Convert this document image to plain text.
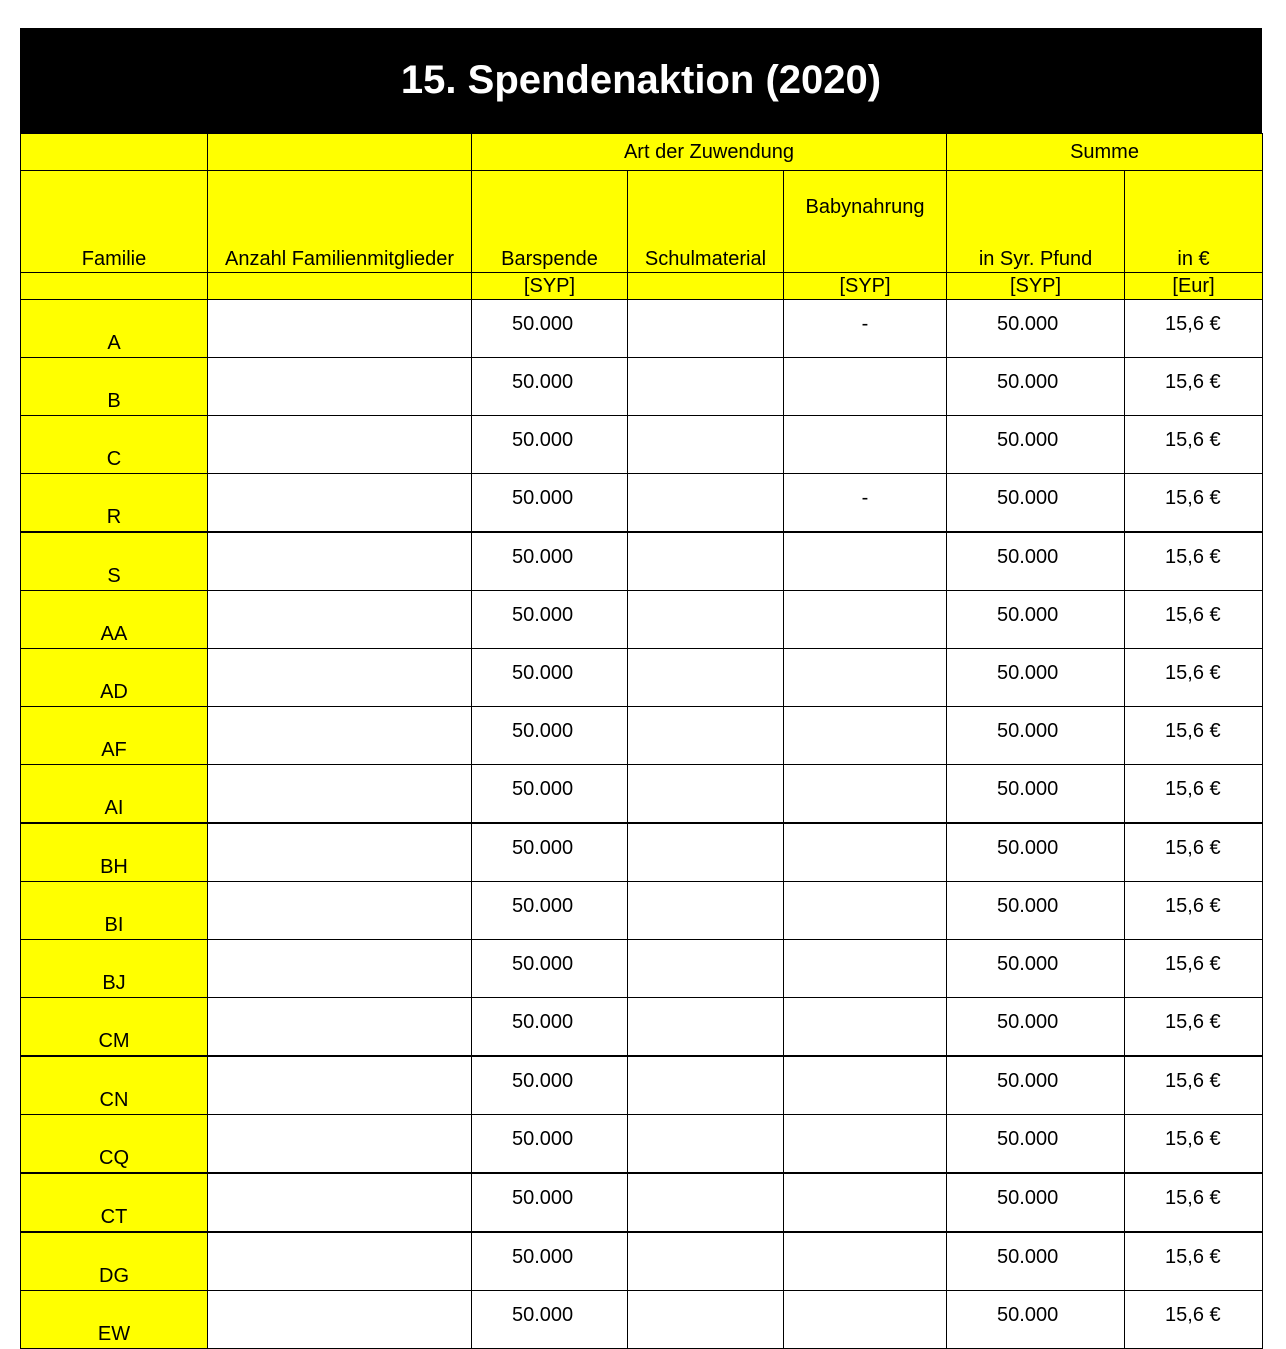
15. Spendenaktion (2020)
		Art der Zuwendung			Summe	
Familie	Anzahl Familienmitglieder	Barspende	Schulmaterial	Babynahrung	in Syr. Pfund	in €
		[SYP]		[SYP]	[SYP]	[Eur]
A		50.000		-	50.000	15,6 €
B		50.000			50.000	15,6 €
C		50.000			50.000	15,6 €
R		50.000		-	50.000	15,6 €
S		50.000			50.000	15,6 €
AA		50.000			50.000	15,6 €
AD		50.000			50.000	15,6 €
AF		50.000			50.000	15,6 €
AI		50.000			50.000	15,6 €
BH		50.000			50.000	15,6 €
BI		50.000			50.000	15,6 €
BJ		50.000			50.000	15,6 €
CM		50.000			50.000	15,6 €
CN		50.000			50.000	15,6 €
CQ		50.000			50.000	15,6 €
CT		50.000			50.000	15,6 €
DG		50.000			50.000	15,6 €
EW		50.000			50.000	15,6 €
